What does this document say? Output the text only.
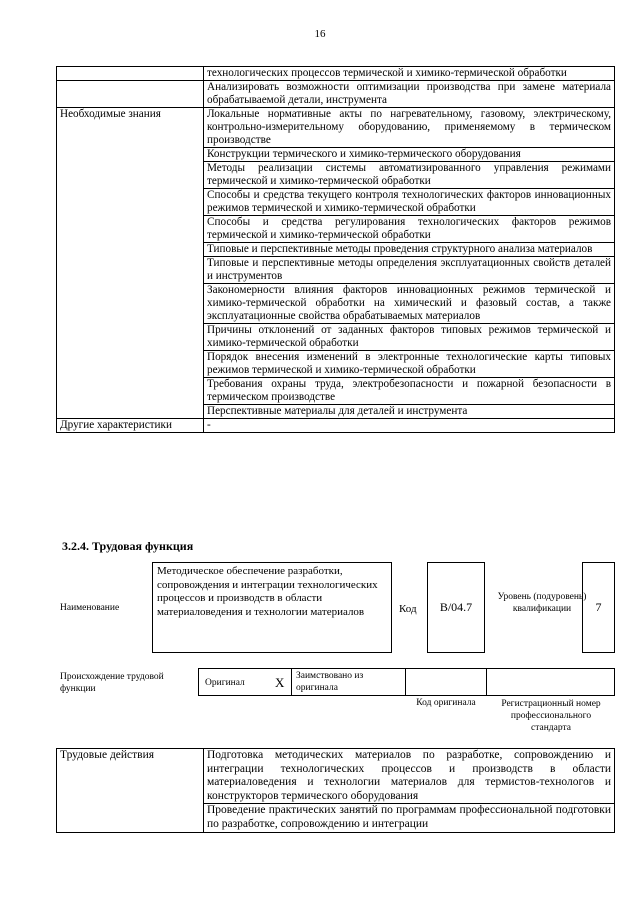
16
	технологических процессов термической и химико-термической обработки
	Анализировать возможности оптимизации производства при замене материала обрабатываемой детали, инструмента
Необходимые знания	Локальные нормативные акты по нагревательному, газовому, электрическому, контрольно-измерительному оборудованию, применяемому в термическом производстве
	Конструкции термического и химико-термического оборудования
	Методы реализации системы автоматизированного управления режимами термической и химико-термической обработки
	Способы и средства текущего контроля технологических факторов инновационных режимов термической и химико-термической обработки
	Способы и средства регулирования технологических факторов режимов термической и химико-термической обработки
	Типовые и перспективные методы проведения структурного анализа материалов
	Типовые и перспективные методы определения эксплуатационных свойств деталей и инструментов
	Закономерности влияния факторов инновационных режимов термической и химико-термической обработки на химический и фазовый состав, а также эксплуатационные свойства обрабатываемых материалов
	Причины отклонений от заданных факторов типовых режимов термической и химико-термической обработки
	Порядок внесения изменений в электронные технологические карты типовых режимов термической и химико-термической обработки
	Требования охраны труда, электробезопасности и пожарной безопасности в термическом производстве
	Перспективные материалы для деталей и инструмента
Другие характеристики	-
3.2.4. Трудовая функция
Наименование
Методическое обеспечение разработки, сопровождения и интеграции технологических процессов и производств в области материаловедения и технологии материалов	Код	B/04.7
Уровень (подуровень) квалификации	7
Происхождение трудовой функции
Оригинал X Заимствовано из оригинала
Код оригинала	Регистрационный номер профессионального стандарта
Трудовые действия	Подготовка методических материалов по разработке, сопровождению и интеграции технологических процессов и производств в области материаловедения и технологии материалов для термистов-технологов и конструкторов термического оборудования
Проведение практических занятий по программам профессиональной подготовки по разработке, сопровождению и интеграции
